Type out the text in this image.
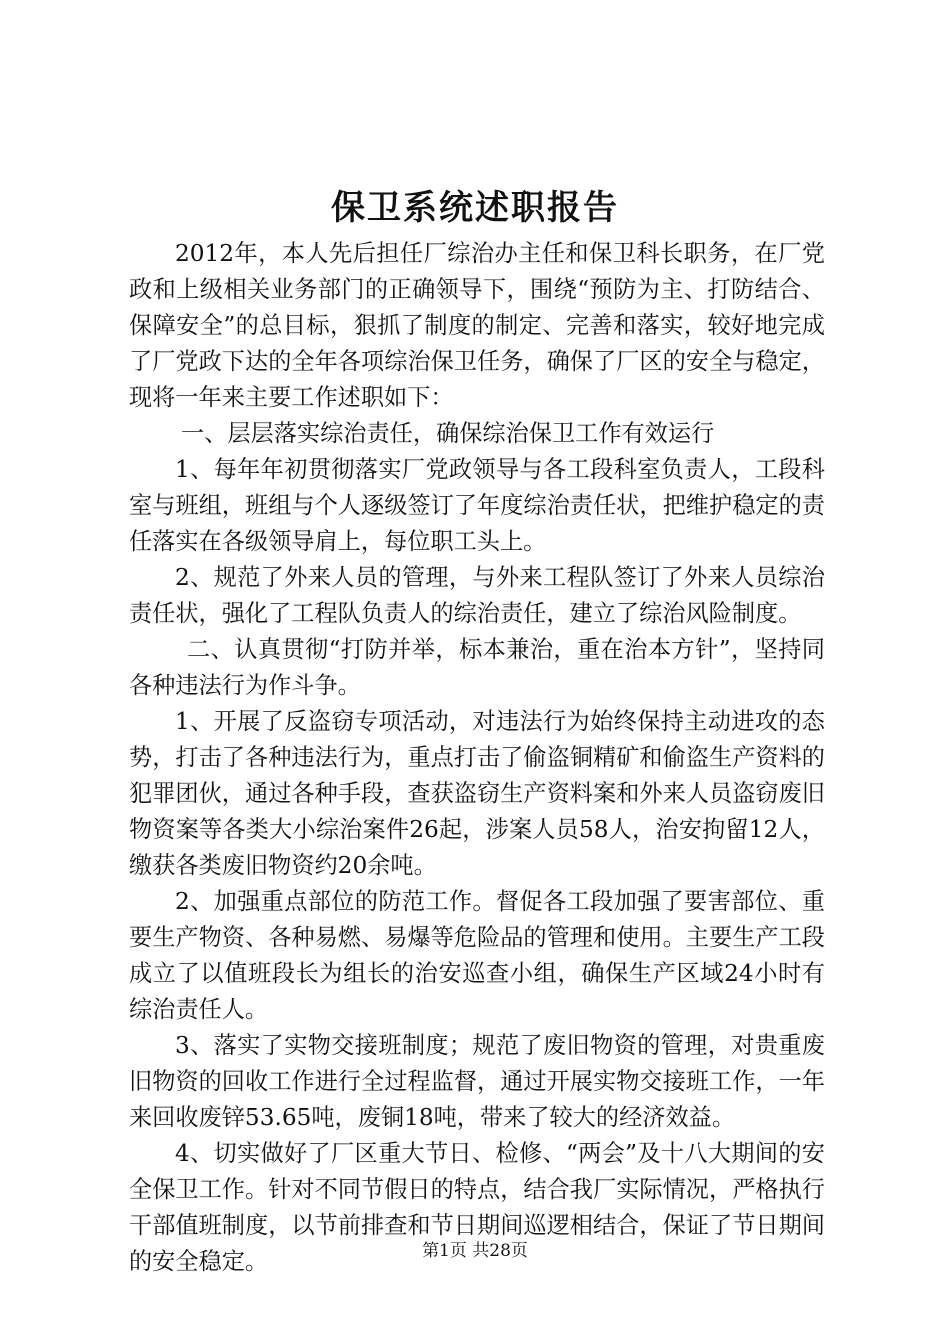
保卫系统述职报告

2012年，本人先后担任厂综治办主任和保卫科长职务，在厂党政和上级相关业务部门的正确领导下，围绕“预防为主、打防结合、保障安全”的总目标，狠抓了制度的制定、完善和落实，较好地完成了厂党政下达的全年各项综治保卫任务，确保了厂区的安全与稳定，现将一年来主要工作述职如下：

一、层层落实综治责任，确保综治保卫工作有效运行

1、每年年初贯彻落实厂党政领导与各工段科室负责人，工段科室与班组，班组与个人逐级签订了年度综治责任状，把维护稳定的责任落实在各级领导肩上，每位职工头上。

2、规范了外来人员的管理，与外来工程队签订了外来人员综治责任状，强化了工程队负责人的综治责任，建立了综治风险制度。

二、认真贯彻“打防并举，标本兼治，重在治本方针”，坚持同各种违法行为作斗争。

1、开展了反盗窃专项活动，对违法行为始终保持主动进攻的态势，打击了各种违法行为，重点打击了偷盗铜精矿和偷盗生产资料的犯罪团伙，通过各种手段，查获盗窃生产资料案和外来人员盗窃废旧物资案等各类大小综治案件26起，涉案人员58人，治安拘留12人，缴获各类废旧物资约20余吨。

2、加强重点部位的防范工作。督促各工段加强了要害部位、重要生产物资、各种易燃、易爆等危险品的管理和使用。主要生产工段成立了以值班段长为组长的治安巡查小组，确保生产区域24小时有综治责任人。

3、落实了实物交接班制度；规范了废旧物资的管理，对贵重废旧物资的回收工作进行全过程监督，通过开展实物交接班工作，一年来回收废锌53.65吨，废铜18吨，带来了较大的经济效益。

4、切实做好了厂区重大节日、检修、“两会”及十八大期间的安全保卫工作。针对不同节假日的特点，结合我厂实际情况，严格执行干部值班制度，以节前排查和节日期间巡逻相结合，保证了节日期间的安全稳定。	第1页 共28页
